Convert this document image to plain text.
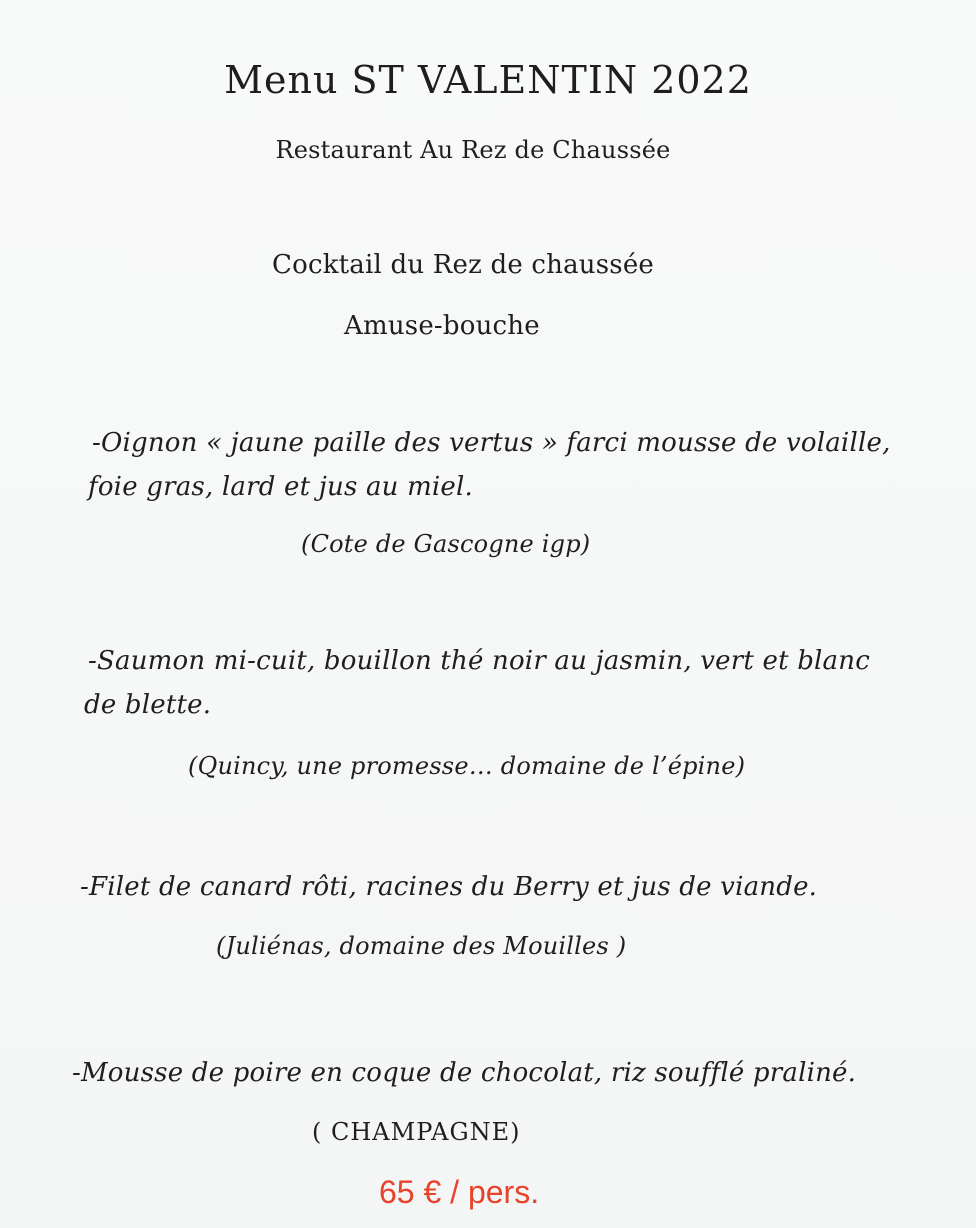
Menu ST VALENTIN 2022
Restaurant Au Rez de Chaussée
Cocktail du Rez de chaussée
Amuse-bouche
-Oignon « jaune paille des vertus » farci mousse de volaille,
foie gras, lard et jus au miel.
(Cote de Gascogne igp)
-Saumon mi-cuit, bouillon thé noir au jasmin, vert et blanc
de blette.
(Quincy, une promesse… domaine de l’épine)
-Filet de canard rôti, racines du Berry et jus de viande.
(Juliénas, domaine des Mouilles )
-Mousse de poire en coque de chocolat, riz soufflé praliné.
( CHAMPAGNE)
65 € / pers.
